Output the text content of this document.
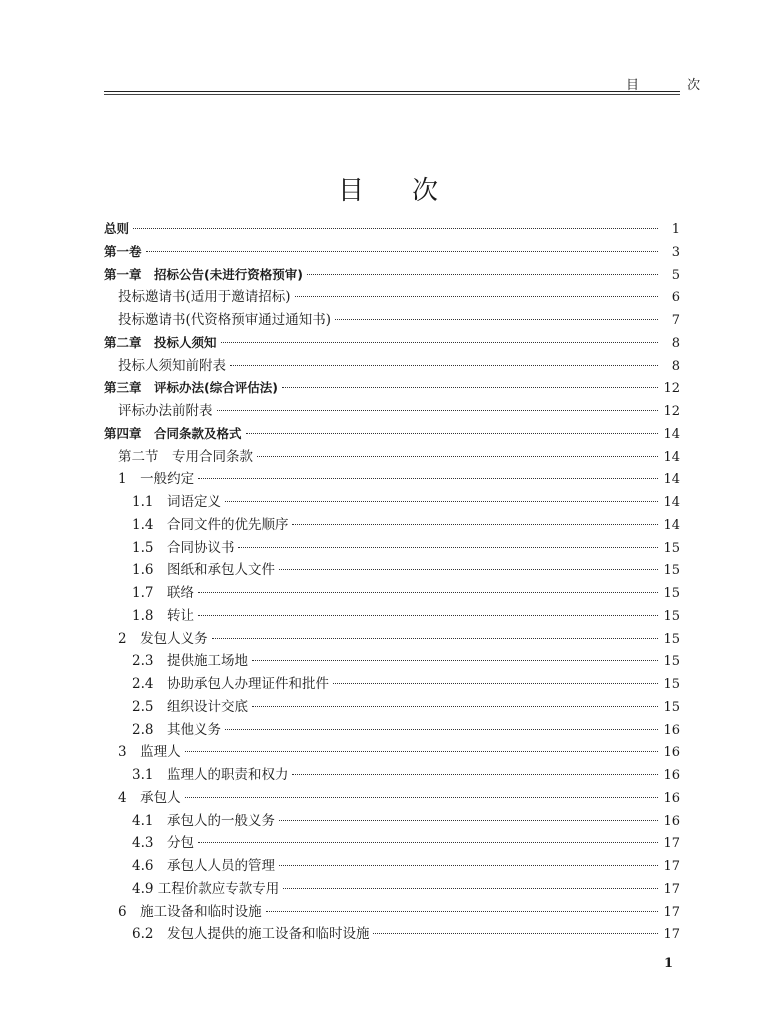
目 次
目次
总则	1
第一卷	3
第一章　招标公告(未进行资格预审)	5
投标邀请书(适用于邀请招标)	6
投标邀请书(代资格预审通过通知书)	7
第二章　投标人须知	8
投标人须知前附表	8
第三章　评标办法(综合评估法)	12
评标办法前附表	12
第四章　合同条款及格式	14
第二节　专用合同条款	14
1　一般约定	14
1.1　词语定义	14
1.4　合同文件的优先顺序	14
1.5　合同协议书	15
1.6　图纸和承包人文件	15
1.7　联络	15
1.8　转让	15
2　发包人义务	15
2.3　提供施工场地	15
2.4　协助承包人办理证件和批件	15
2.5　组织设计交底	15
2.8　其他义务	16
3　监理人	16
3.1　监理人的职责和权力	16
4　承包人	16
4.1　承包人的一般义务	16
4.3　分包	17
4.6　承包人人员的管理	17
4.9 工程价款应专款专用	17
6　施工设备和临时设施	17
6.2　发包人提供的施工设备和临时设施	17
1
